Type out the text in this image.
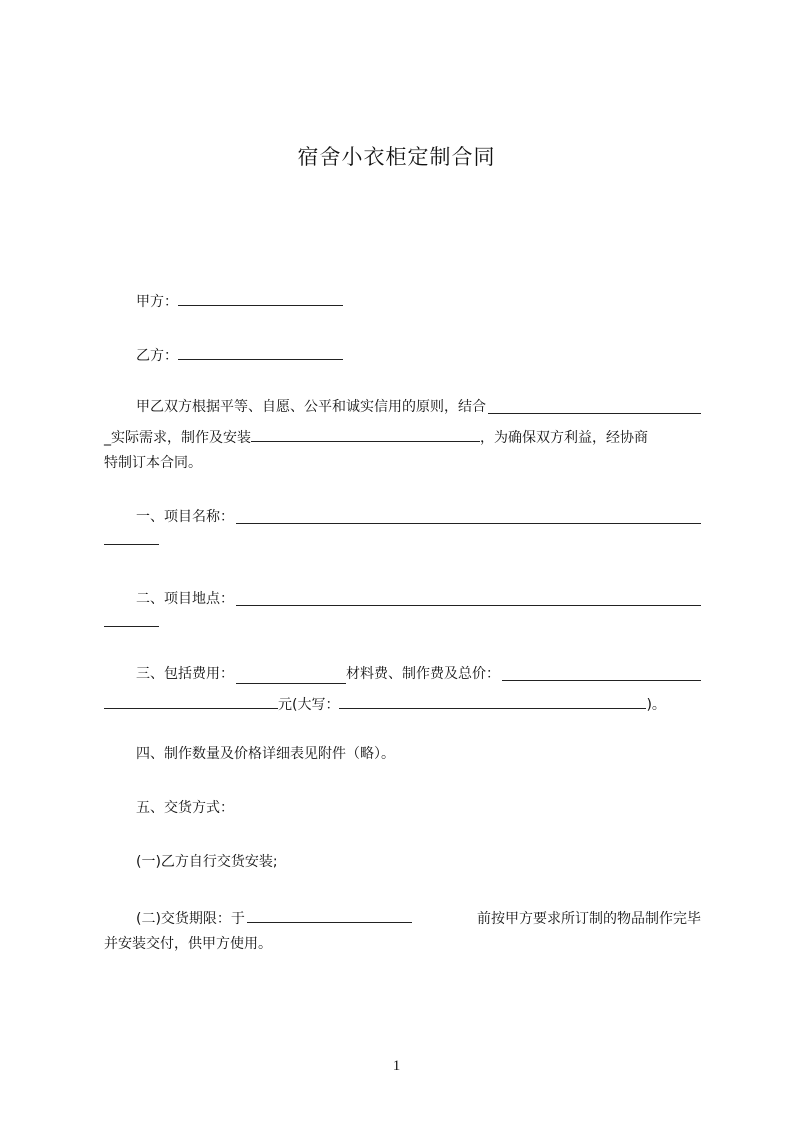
宿舍小衣柜定制合同
甲方：
乙方：
甲乙双方根据平等、自愿、公平和诚实信用的原则，结合
_实际需求，制作及安装	，为确保双方利益，经协商
特制订本合同。
一、项目名称：
二、项目地点：
三、包括费用：	材料费、制作费及总价：
元(大写：	)。
四、制作数量及价格详细表见附件（略）。
五、交货方式：
(一)乙方自行交货安装;
(二)交货期限：于	前按甲方要求所订制的物品制作完毕
并安装交付，供甲方使用。
1
